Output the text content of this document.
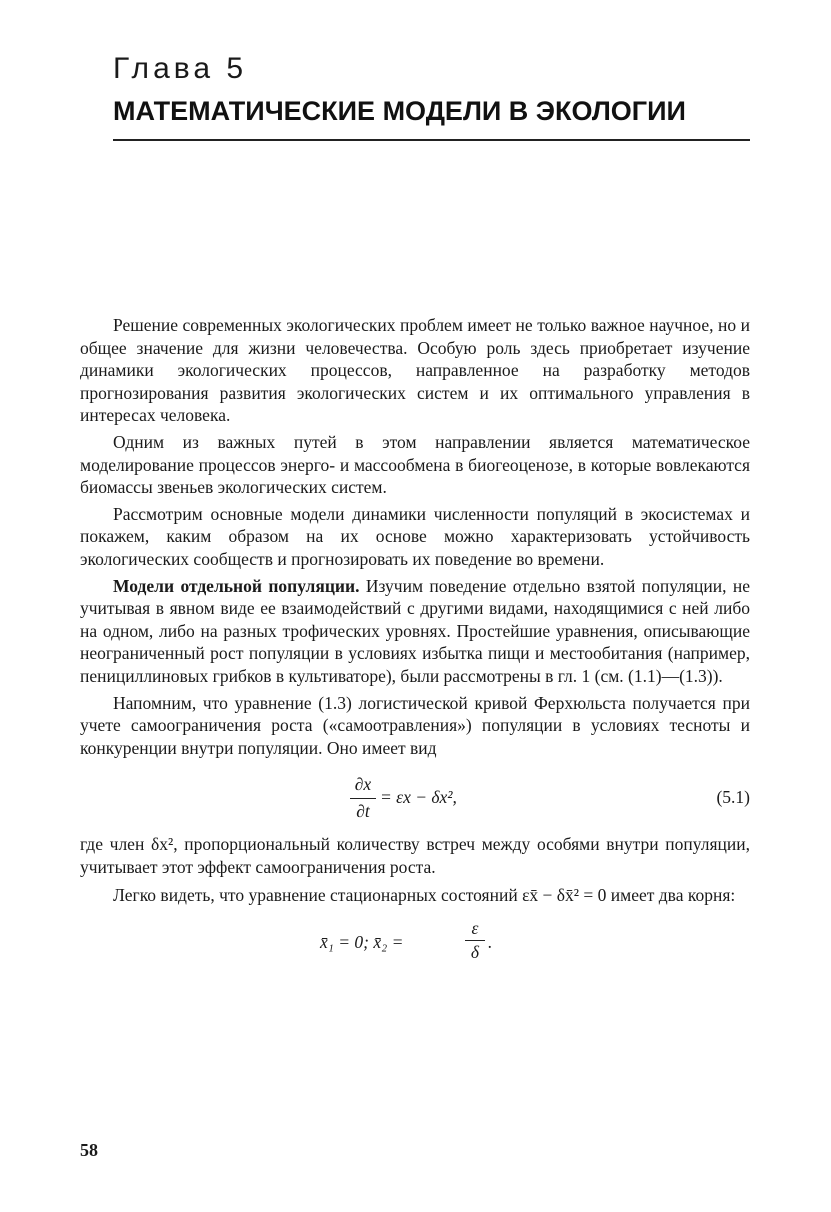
Глава 5
МАТЕМАТИЧЕСКИЕ МОДЕЛИ В ЭКОЛОГИИ

Решение современных экологических проблем имеет не только важное научное, но и общее значение для жизни человечества. Особую роль здесь приобретает изучение динамики экологических процессов, направленное на разработку методов прогнозирования развития экологических систем и их оптимального управления в интересах человека.

Одним из важных путей в этом направлении является математическое моделирование процессов энерго- и массообмена в биогеоценозе, в которые вовлекаются биомассы звеньев экологических систем.

Рассмотрим основные модели динамики численности популяций в экосистемах и покажем, каким образом на их основе можно характеризовать устойчивость экологических сообществ и прогнозировать их поведение во времени.

Модели отдельной популяции. Изучим поведение отдельно взятой популяции, не учитывая в явном виде ее взаимодействий с другими видами, находящимися с ней либо на одном, либо на разных трофических уровнях. Простейшие уравнения, описывающие неограниченный рост популяции в условиях избытка пищи и местообитания (например, пенициллиновых грибков в культиваторе), были рассмотрены в гл. 1 (см. (1.1)—(1.3)).

Напомним, что уравнение (1.3) логистической кривой Ферхюльста получается при учете самоограничения роста («самоотравления») популяции в условиях тесноты и конкуренции внутри популяции. Оно имеет вид

$\frac{\partial x}{\partial t} = \varepsilon x - \delta x^2$,	(5.1)

где член δx², пропорциональный количеству встреч между особями внутри популяции, учитывает этот эффект самоограничения роста.

Легко видеть, что уравнение стационарных состояний εx̄ − δx̄² = 0 имеет два корня:

x̄₁ = 0; x̄₂ =	$\frac{\varepsilon}{\delta}$ .
58
